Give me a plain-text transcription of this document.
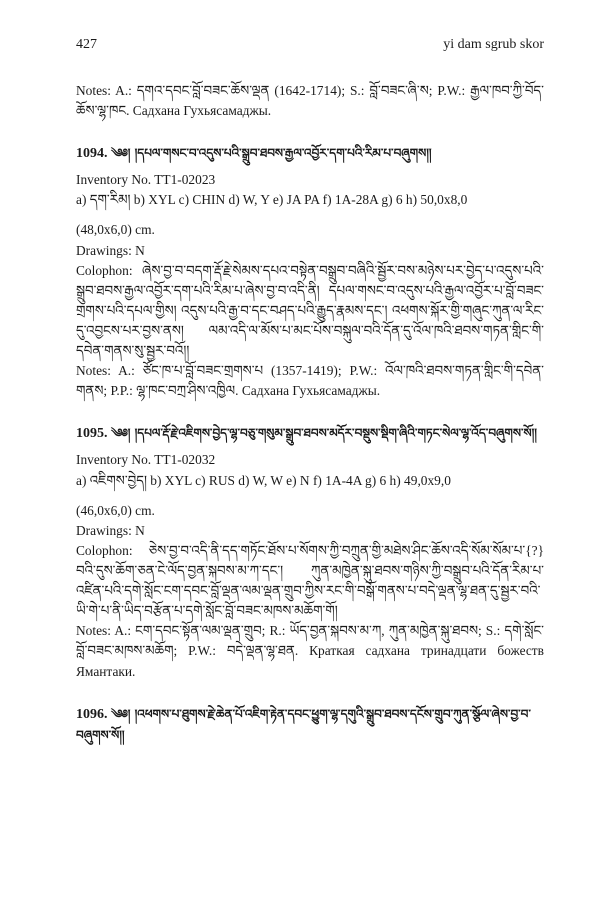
427	yi dam sgrub skor

Notes: A.: དགའ་དབང་བློ་བཟང་ཆོས་ལྡན (1642-1714); S.: བློ་བཟང་ཞི་ས; P.W.: རྒྱལ་ཁབ་ཀྱི་བོད་ཆོས་ལྷ་ཁང. Садхана Гухьясамаджы.

1094. ༄༅། །དཔལ་གསང་བ་འདུས་པའི་སྒྲུབ་ཐབས་རྒྱལ་འབྱོར་དག་པའི་རིམ་པ་བཞུགས།།

Inventory No. TT1-02023

a) དག་རིམ། b) XYL c) CHIN d) W, Y e) JA PA f) 1A-28A g) 6 h) 50,0x8,0

(48,0x6,0) cm.

Drawings: N

Colophon: ཞེས་བྱ་བ་བདག་རྡོ་རྗེ་སེམས་དཔའ་བསྟེན་བསྒྲུབ་བཞིའི་སྦྱོར་བས་མཉེས་པར་བྱེད་པ་འདུས་པའི་སྒྲུབ་ཐབས་རྒྱལ་འབྱོར་དག་པའི་རིམ་པ་ཞེས་བྱ་བ་འདི་ནི། དཔལ་གསང་བ་འདུས་པའི་རྒྱལ་འབྱོར་པ་བློ་བཟང་གྲགས་པའི་དཔལ་གྱིས། འདུས་པའི་རྒྱ་བ་དང་བཤད་པའི་རྒྱུད་རྣམས་དང་། འཕགས་སྐོར་གྱི་གཞུང་ཀུན་ལ་རིང་དུ་འབྱངས་པར་བྱས་ནས། ལམ་འདི་ལ་མོས་པ་མང་པོས་བསྐུལ་བའི་དོན་དུ་འོལ་ཁའི་ཐབས་གཏན་གླིང་གི་དབེན་གནས་སུ་སྦྱར་བའོ།།

Notes: A.: ཙོང་ཁ་པ་བློ་བཟང་གྲགས་པ (1357-1419); P.W.: འོལ་ཁའི་ཐབས་གཏན་གླིང་གི་དབེན་གནས; P.P.: ལྷ་ཁང་བཀྲ་ཤིས་འཁྱིལ. Садхана Гухьясамаджы.

1095. ༄༅། །དཔལ་རྡོ་རྗེ་འཇིགས་བྱེད་ལྷ་བཅུ་གསུམ་སྒྲུབ་ཐབས་མདོར་བསྡུས་སྡིག་ཞིའི་གཏང་སེལ་ལྷ་འོད་བཞུགས་སོ།།

Inventory No. TT1-02032

a) འཇིགས་བྱེད། b) XYL c) RUS d) W, W e) N f) 1A-4A g) 6 h) 49,0x9,0

(46,0x6,0) cm.

Drawings: N

Colophon: ཅེས་བྱ་བ་འདི་ནི་དད་གཏོང་ཐོས་པ་སོགས་ཀྱི་བཀྲུན་གྱི་མཐེས་ཤིང་ཆོས་འདི་སོམ་སོམ་པ་{?}བའི་དུས་ཆོག་ཅན་ངེ་ལོད་བྱན་སྐབས་མ་ཀ་དང་། ཀུན་མཁྱེན་སྐུ་ཐབས་གཉིས་ཀྱི་བསྒྲུབ་པའི་དོན་རིམ་པ་འཛིན་པའི་དགེ་སློང་ངག་དབང་བློ་ལྡན་ལམ་ལྡན་གྲུབ་ཀྱིས་རང་གི་བསྒོ་གནས་པ་བདེ་ལྡན་ལྷ་ཐན་དུ་སྦྱར་བའི་ཡི་གེ་པ་ནི་ཡིད་བརྩོན་པ་དགེ་སློང་བློ་བཟང་མཁས་མཆོག་གོ།

Notes: A.: ངག་དབང་སྟོན་ལམ་ལྡན་གྲུབ; R.: ཡོད་བྱན་སྐབས་མ་ཀ, ཀུན་མཁྱེན་སྐུ་ཐབས; S.: དགེ་སློང་བློ་བཟང་མཁས་མཆོག; P.W.: བདེ་ལྡན་ལྷ་ཐན. Краткая садхана тринадцати божеств Ямантаки.

1096. ༄༅། །འཕགས་པ་ཐུགས་རྗེ་ཆེན་པོ་འཇིག་རྟེན་དབང་ཕྱུག་ལྷ་དགུའི་སྒྲུབ་ཐབས་དངོས་གྲུབ་ཀུན་སྩོལ་ཞེས་བྱ་བ་བཞུགས་སོ།།
